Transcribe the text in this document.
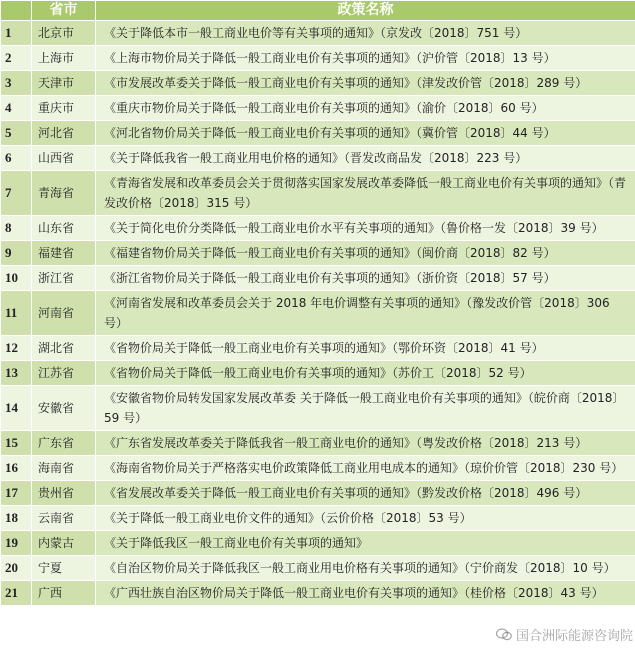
	省市	政策名称
1	北京市	《关于降低本市一般工商业电价等有关事项的通知》（京发改〔2018〕751 号）
2	上海市	《上海市物价局关于降低一般工商业电价有关事项的通知》（沪价管〔2018〕13 号）
3	天津市	《市发展改革委关于降低一般工商业电价有关事项的通知》（津发改价管〔2018〕289 号）
4	重庆市	《重庆市物价局关于降低一般工商业电价有关事项的通知》（渝价〔2018〕60 号）
5	河北省	《河北省物价局关于降低一般工商业电价有关事项的通知》（冀价管〔2018〕44 号）
6	山西省	《关于降低我省一般工商业用电价格的通知》（晋发改商品发〔2018〕223 号）
7	青海省	《青海省发展和改革委员会关于贯彻落实国家发展改革委降低一般工商业电价有关事项的通知》（青发改价格〔2018〕315 号）
8	山东省	《关于简化电价分类降低一般工商业电价水平有关事项的通知》（鲁价格一发〔2018〕39 号）
9	福建省	《福建省物价局关于降低一般工商业电价有关事项的通知》（闽价商〔2018〕82 号）
10	浙江省	《浙江省物价局关于降低一般工商业电价有关事项的通知》（浙价资〔2018〕57 号）
11	河南省	《河南省发展和改革委员会关于 2018 年电价调整有关事项的通知》（豫发改价管〔2018〕306 号）
12	湖北省	《省物价局关于降低一般工商业电价有关事项的通知》（鄂价环资〔2018〕41 号）
13	江苏省	《省物价局关于降低一般工商业电价有关事项的通知》（苏价工〔2018〕52 号）
14	安徽省	《安徽省物价局转发国家发展改革委 关于降低一般工商业电价有关事项的通知》（皖价商〔2018〕59 号）
15	广东省	《广东省发展改革委关于降低我省一般工商业电价的通知》（粤发改价格〔2018〕213 号）
16	海南省	《海南省物价局关于严格落实电价政策降低工商业用电成本的通知》（琼价价管〔2018〕230 号）
17	贵州省	《省发展改革委关于降低一般工商业电价有关事项的通知》（黔发改价格〔2018〕496 号）
18	云南省	《关于降低一般工商业电价文件的通知》（云价价格〔2018〕53 号）
19	内蒙古	《关于降低我区一般工商业电价有关事项的通知》
20	宁夏	《自治区物价局关于降低我区一般工商业用电价格有关事项的通知》（宁价商发〔2018〕10 号）
21	广西	《广西壮族自治区物价局关于降低一般工商业电价有关事项的通知》（桂价格〔2018〕43 号）
国合洲际能源咨询院
